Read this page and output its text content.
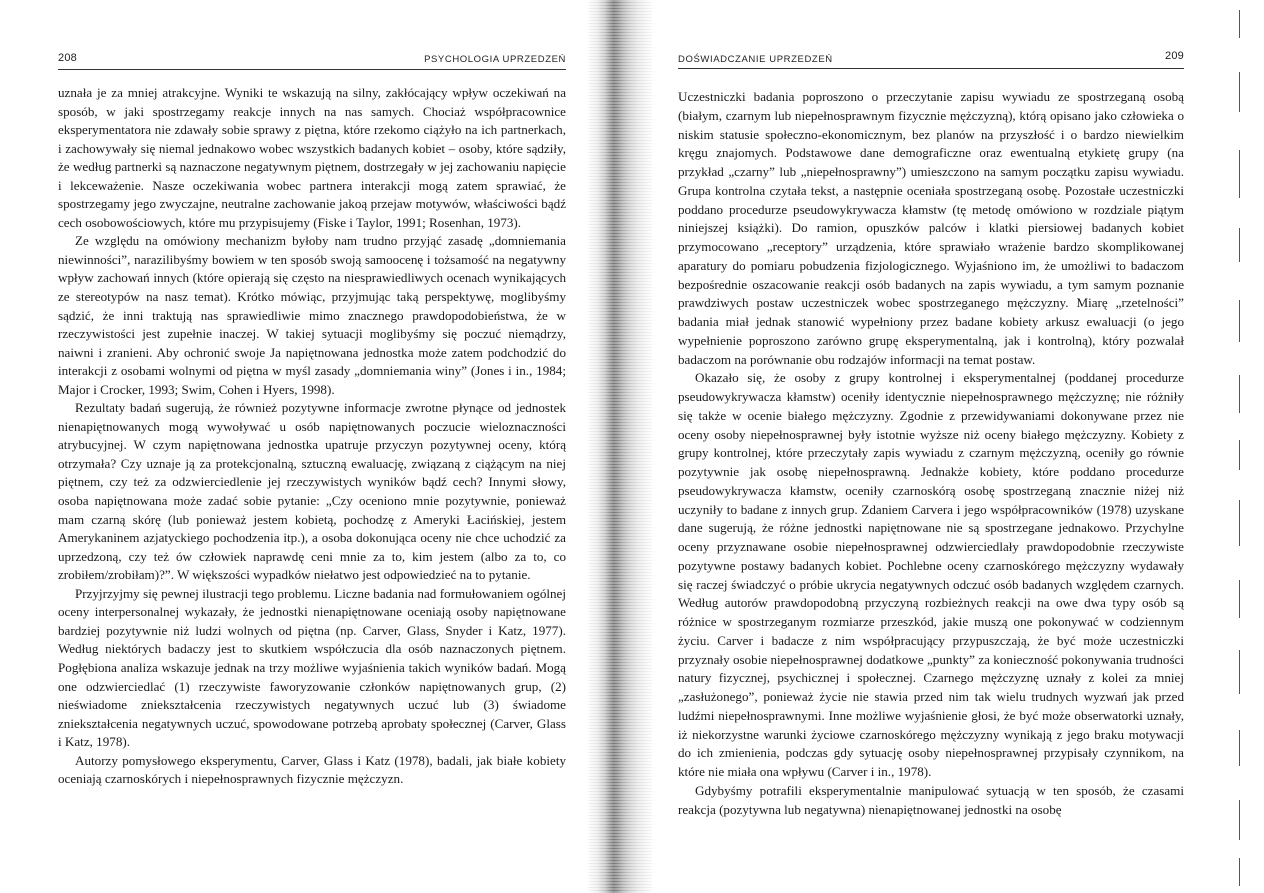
208	PSYCHOLOGIA UPRZEDZEŃ

uznała je za mniej atrakcyjne. Wyniki te wskazują na silny, zakłócający wpływ oczekiwań na sposób, w jaki spostrzegamy reakcje innych na nas samych. Chociaż współpracownice eksperymentatora nie zdawały sobie sprawy z piętna, które rzekomo ciążyło na ich partnerkach, i zachowywały się niemal jednakowo wobec wszystkich badanych kobiet – osoby, które sądziły, że według partnerki są naznaczone negatywnym piętnem, dostrzegały w jej zachowaniu napięcie i lekceważenie. Nasze oczekiwania wobec partnera interakcji mogą zatem sprawiać, że spostrzegamy jego zwyczajne, neutralne zachowanie jakoą przejaw motywów, właściwości bądź cech osobowościowych, które mu przypisujemy (Fiske i Taylor, 1991; Rosenhan, 1973).

Ze względu na omówiony mechanizm byłoby nam trudno przyjąć zasadę „domniemania niewinności”, narazilibyśmy bowiem w ten sposób swoją samoocenę i tożsamość na negatywny wpływ zachowań innych (które opierają się często na niesprawiedliwych ocenach wynikających ze stereotypów na nasz temat). Krótko mówiąc, przyjmując taką perspektywę, moglibyśmy sądzić, że inni traktują nas sprawiedliwie mimo znacznego prawdopodobieństwa, że w rzeczywistości jest zupełnie inaczej. W takiej sytuacji moglibyśmy się poczuć niemądrzy, naiwni i zranieni. Aby ochronić swoje Ja napiętnowana jednostka może zatem podchodzić do interakcji z osobami wolnymi od piętna w myśl zasady „domniemania winy” (Jones i in., 1984; Major i Crocker, 1993; Swim, Cohen i Hyers, 1998).

Rezultaty badań sugerują, że również pozytywne informacje zwrotne płynące od jednostek nienapiętnowanych mogą wywoływać u osób napiętnowanych poczucie wieloznaczności atrybucyjnej. W czym napiętnowana jednostka upatruje przyczyn pozytywnej oceny, którą otrzymała? Czy uznaje ją za protekcjonalną, sztuczną ewaluację, związaną z ciążącym na niej piętnem, czy też za odzwierciedlenie jej rzeczywistych wyników bądź cech? Innymi słowy, osoba napiętnowana może zadać sobie pytanie: „Czy oceniono mnie pozytywnie, ponieważ mam czarną skórę (lub ponieważ jestem kobietą, pochodzę z Ameryki Łacińskiej, jestem Amerykaninem azjatyckiego pochodzenia itp.), a osoba dokonująca oceny nie chce uchodzić za uprzedzoną, czy też ów człowiek naprawdę ceni mnie za to, kim jestem (albo za to, co zrobiłem/zrobiłam)?”. W większości wypadków niełatwo jest odpowiedzieć na to pytanie.

Przyjrzyjmy się pewnej ilustracji tego problemu. Liczne badania nad formułowaniem ogólnej oceny interpersonalnej wykazały, że jednostki nienapiętnowane oceniają osoby napiętnowane bardziej pozytywnie niż ludzi wolnych od piętna (np. Carver, Glass, Snyder i Katz, 1977). Według niektórych badaczy jest to skutkiem współczucia dla osób naznaczonych piętnem. Pogłębiona analiza wskazuje jednak na trzy możliwe wyjaśnienia takich wyników badań. Mogą one odzwierciedlać (1) rzeczywiste faworyzowanie członków napiętnowanych grup, (2) nieświadome zniekształcenia rzeczywistych negatywnych uczuć lub (3) świadome zniekształcenia negatywnych uczuć, spowodowane potrzebą aprobaty społecznej (Carver, Glass i Katz, 1978).

Autorzy pomysłowego eksperymentu, Carver, Glass i Katz (1978), badali, jak białe kobiety oceniają czarnoskórych i niepełnosprawnych fizycznie mężczyzn.

DOŚWIADCZANIE UPRZEDZEŃ	209

Uczestniczki badania poproszono o przeczytanie zapisu wywiadu ze spostrzeganą osobą (białym, czarnym lub niepełnosprawnym fizycznie mężczyzną), którą opisano jako człowieka o niskim statusie społeczno-ekonomicznym, bez planów na przyszłość i o bardzo niewielkim kręgu znajomych. Podstawowe dane demograficzne oraz ewentualną etykietę grupy (na przykład „czarny” lub „niepełnosprawny”) umieszczono na samym początku zapisu wywiadu. Grupa kontrolna czytała tekst, a następnie oceniała spostrzeganą osobę. Pozostałe uczestniczki poddano procedurze pseudowykrywacza kłamstw (tę metodę omówiono w rozdziale piątym niniejszej książki). Do ramion, opuszków palców i klatki piersiowej badanych kobiet przymocowano „receptory” urządzenia, które sprawiało wrażenie bardzo skomplikowanej aparatury do pomiaru pobudzenia fizjologicznego. Wyjaśniono im, że umożliwi to badaczom bezpośrednie oszacowanie reakcji osób badanych na zapis wywiadu, a tym samym poznanie prawdziwych postaw uczestniczek wobec spostrzeganego mężczyzny. Miarę „rzetelności” badania miał jednak stanowić wypełniony przez badane kobiety arkusz ewaluacji (o jego wypełnienie poproszono zarówno grupę eksperymentalną, jak i kontrolną), który pozwalał badaczom na porównanie obu rodzajów informacji na temat postaw.

Okazało się, że osoby z grupy kontrolnej i eksperymentalnej (poddanej procedurze pseudowykrywacza kłamstw) oceniły identycznie niepełnosprawnego mężczyznę; nie różniły się także w ocenie białego mężczyzny. Zgodnie z przewidywaniami dokonywane przez nie oceny osoby niepełnosprawnej były istotnie wyższe niż oceny białego mężczyzny. Kobiety z grupy kontrolnej, które przeczytały zapis wywiadu z czarnym mężczyzną, oceniły go równie pozytywnie jak osobę niepełnosprawną. Jednakże kobiety, które poddano procedurze pseudowykrywacza kłamstw, oceniły czarnoskórą osobę spostrzeganą znacznie niżej niż uczyniły to badane z innych grup. Zdaniem Carvera i jego współpracowników (1978) uzyskane dane sugerują, że różne jednostki napiętnowane nie są spostrzegane jednakowo. Przychylne oceny przyznawane osobie niepełnosprawnej odzwierciedlały prawdopodobnie rzeczywiste pozytywne postawy badanych kobiet. Pochlebne oceny czarnoskórego mężczyzny wydawały się raczej świadczyć o próbie ukrycia negatywnych odczuć osób badanych względem czarnych. Według autorów prawdopodobną przyczyną rozbieżnych reakcji na owe dwa typy osób są różnice w spostrzeganym rozmiarze przeszkód, jakie muszą one pokonywać w codziennym życiu. Carver i badacze z nim współpracujący przypuszczają, że być może uczestniczki przyznały osobie niepełnosprawnej dodatkowe „punkty” za konieczność pokonywania trudności natury fizycznej, psychicznej i społecznej. Czarnego mężczyznę uznały z kolei za mniej „zasłużonego”, ponieważ życie nie stawia przed nim tak wielu trudnych wyzwań jak przed ludźmi niepełnosprawnymi. Inne możliwe wyjaśnienie głosi, że być może obserwatorki uznały, iż niekorzystne warunki życiowe czarnoskórego mężczyzny wynikają z jego braku motywacji do ich zmienienia, podczas gdy sytuację osoby niepełnosprawnej przypisały czynnikom, na które nie miała ona wpływu (Carver i in., 1978).

Gdybyśmy potrafili eksperymentalnie manipulować sytuacją w ten sposób, że czasami reakcja (pozytywna lub negatywna) nienapiętnowanej jednostki na osobę
